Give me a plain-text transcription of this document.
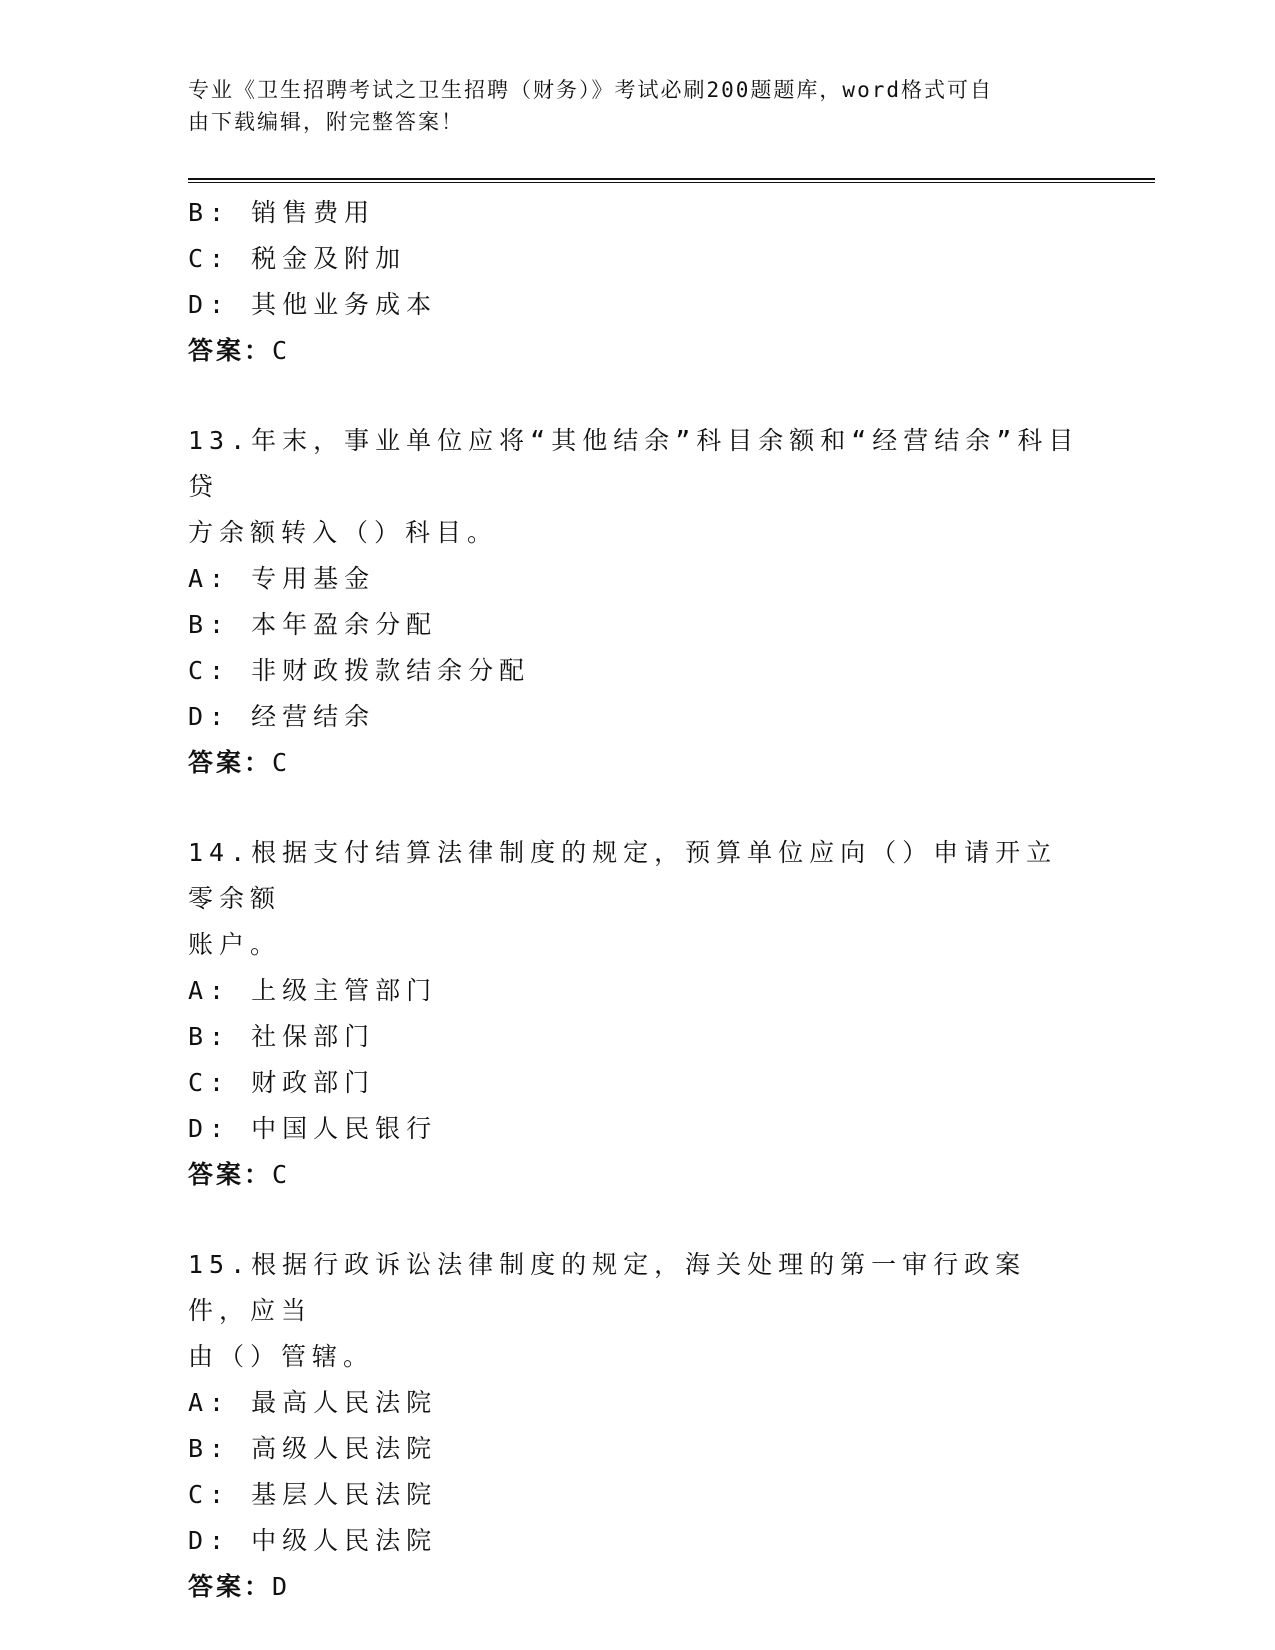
专业《卫生招聘考试之卫生招聘（财务）》考试必刷200题题库，word格式可自
由下载编辑，附完整答案！
B: 销售费用
C: 税金及附加
D: 其他业务成本
答案：C
13.年末，事业单位应将“其他结余”科目余额和“经营结余”科目贷
方余额转入（）科目。
A: 专用基金
B: 本年盈余分配
C: 非财政拨款结余分配
D: 经营结余
答案：C
14.根据支付结算法律制度的规定，预算单位应向（）申请开立零余额
账户。
A: 上级主管部门
B: 社保部门
C: 财政部门
D: 中国人民银行
答案：C
15.根据行政诉讼法律制度的规定，海关处理的第一审行政案件，应当
由（）管辖。
A: 最高人民法院
B: 高级人民法院
C: 基层人民法院
D: 中级人民法院
答案：D
